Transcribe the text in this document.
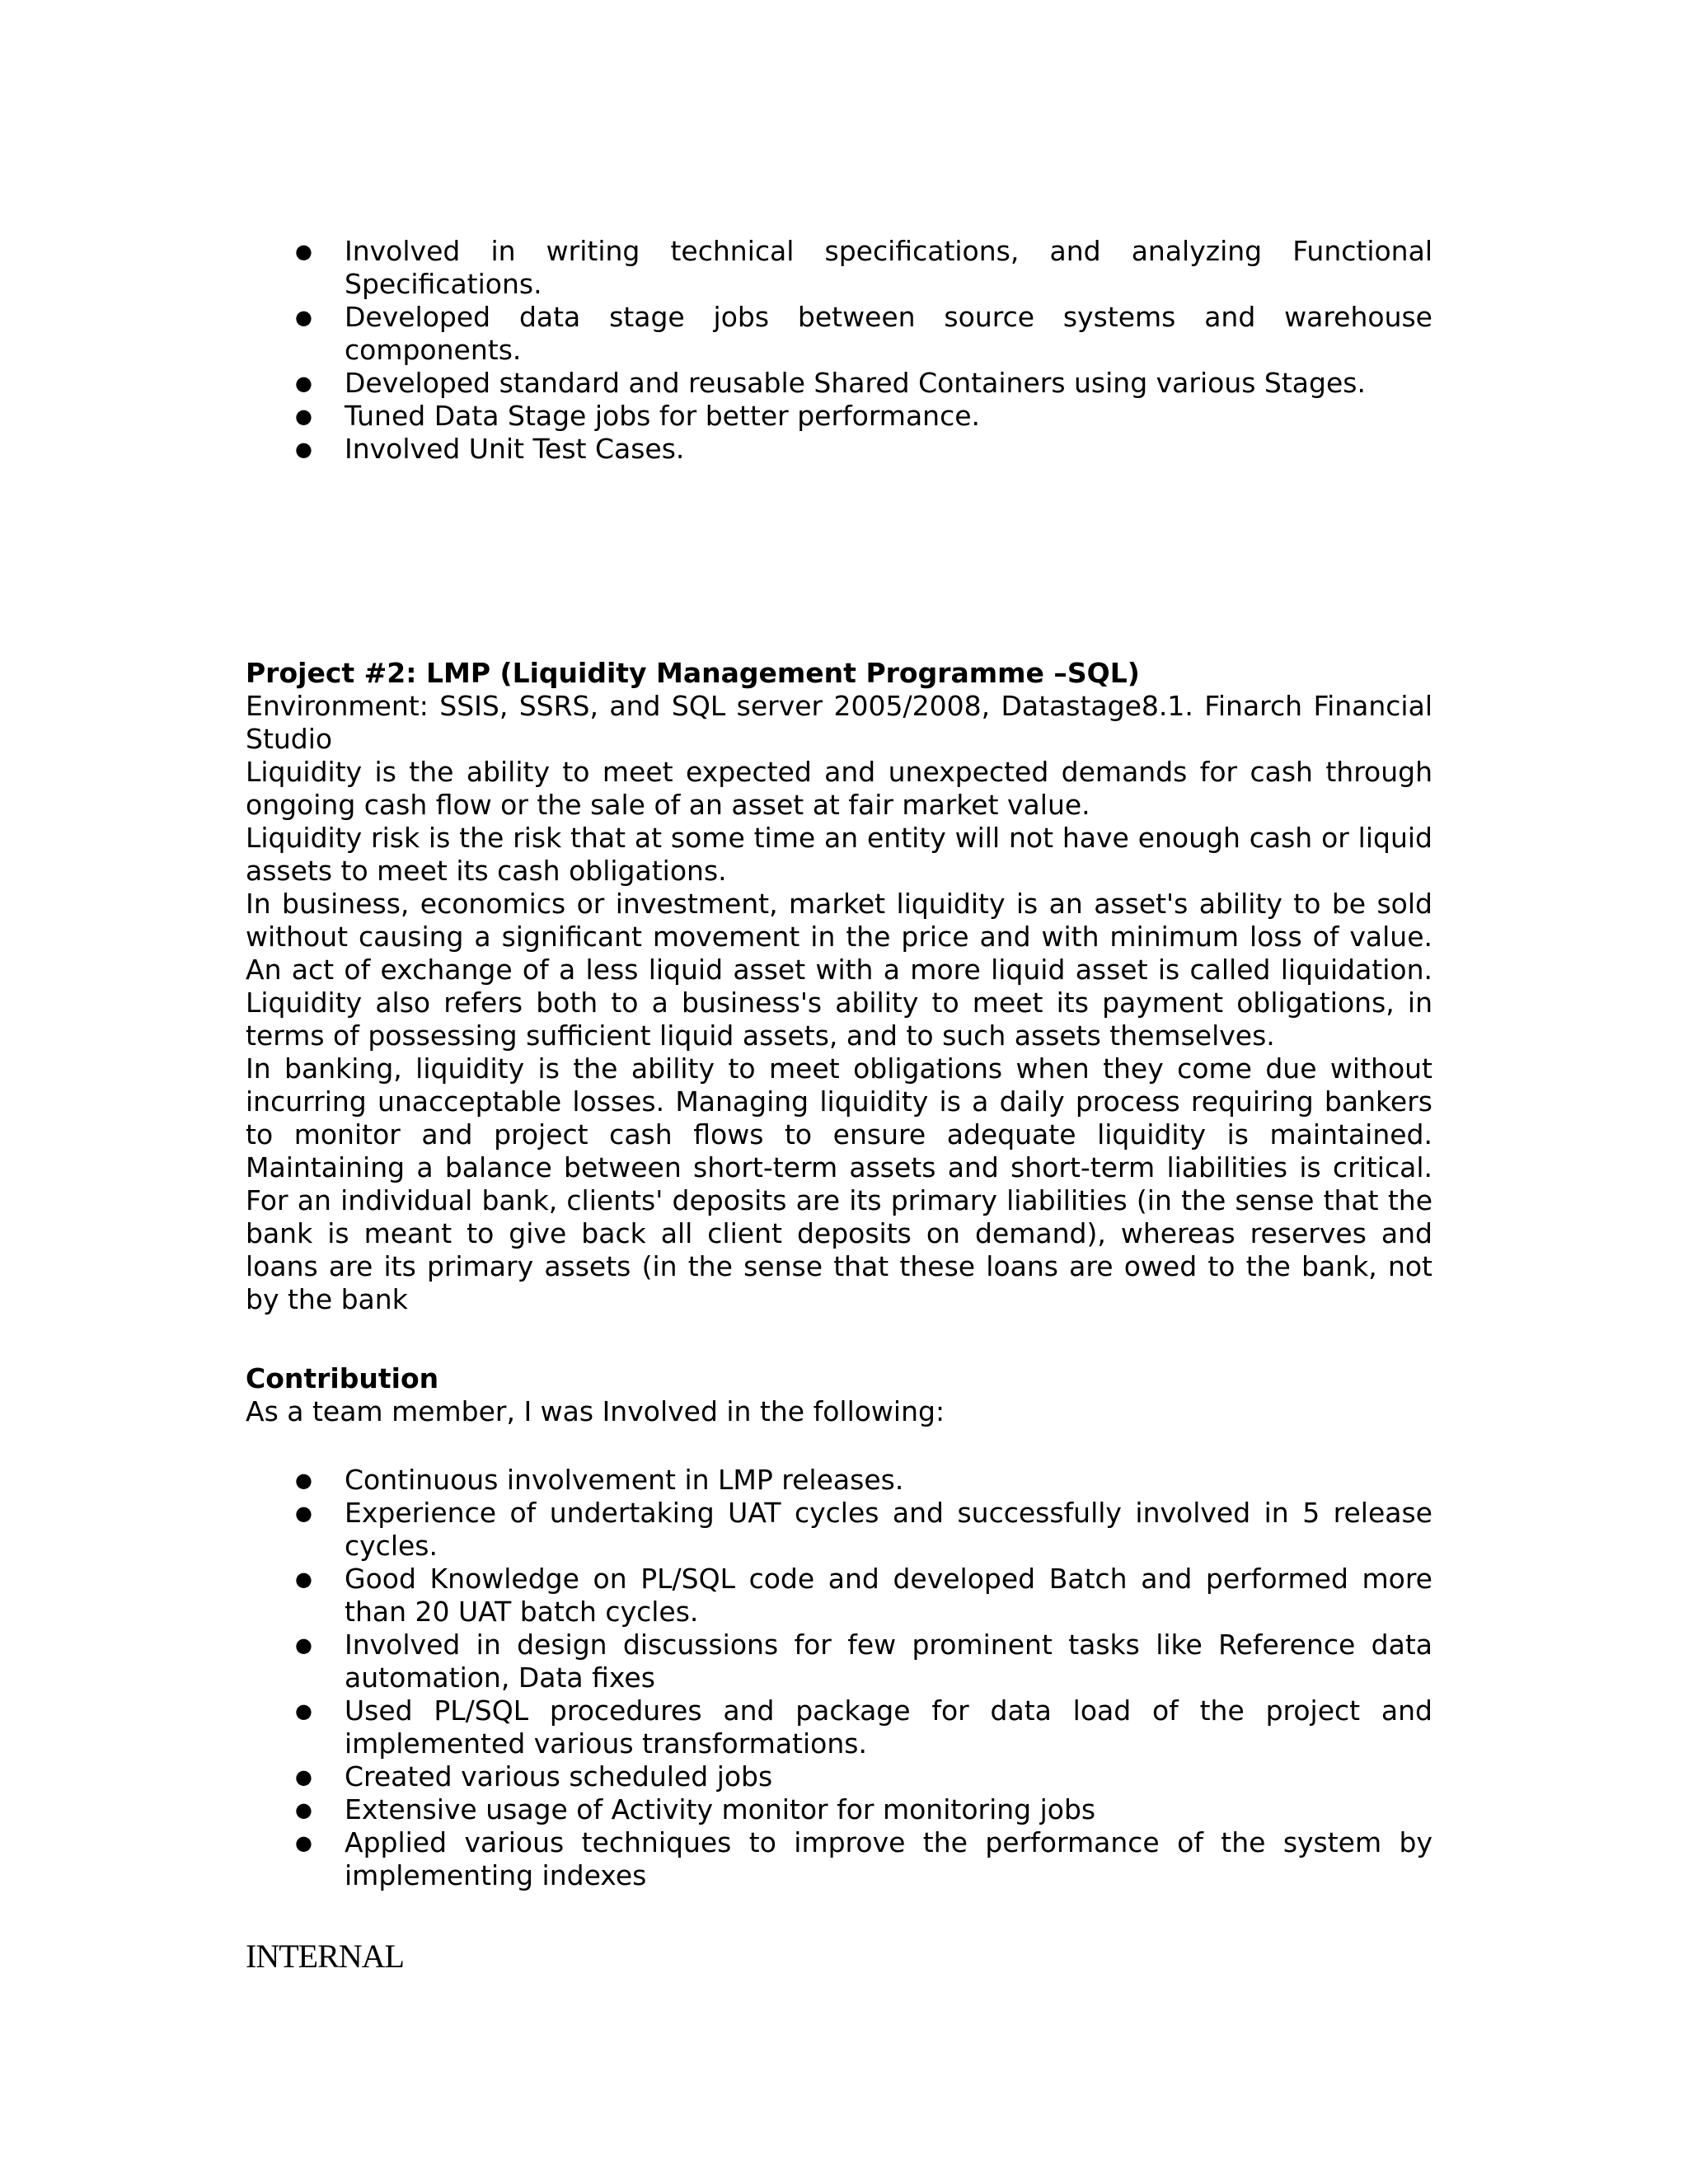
●	Involved in writing technical specifications, and analyzing Functional Specifications.
●	Developed data stage jobs between source systems and warehouse components.
●	Developed standard and reusable Shared Containers using various Stages.
●	Tuned Data Stage jobs for better performance.
●	Involved Unit Test Cases.
Project #2: LMP (Liquidity Management Programme –SQL)

Environment: SSIS, SSRS, and SQL server 2005/2008, Datastage8.1. Finarch Financial Studio

Liquidity is the ability to meet expected and unexpected demands for cash through ongoing cash flow or the sale of an asset at fair market value.

Liquidity risk is the risk that at some time an entity will not have enough cash or liquid assets to meet its cash obligations.

In business, economics or investment, market liquidity is an asset's ability to be sold without causing a significant movement in the price and with minimum loss of value. An act of exchange of a less liquid asset with a more liquid asset is called liquidation. Liquidity also refers both to a business's ability to meet its payment obligations, in terms of possessing sufficient liquid assets, and to such assets themselves.

In banking, liquidity is the ability to meet obligations when they come due without incurring unacceptable losses. Managing liquidity is a daily process requiring bankers to monitor and project cash flows to ensure adequate liquidity is maintained. Maintaining a balance between short-term assets and short-term liabilities is critical. For an individual bank, clients' deposits are its primary liabilities (in the sense that the bank is meant to give back all client deposits on demand), whereas reserves and loans are its primary assets (in the sense that these loans are owed to the bank, not by the bank

Contribution
As a team member, I was Involved in the following:
●	Continuous involvement in LMP releases.
●	Experience of undertaking UAT cycles and successfully involved in 5 release cycles.
●	Good Knowledge on PL/SQL code and developed Batch and performed more than 20 UAT batch cycles.
●	Involved in design discussions for few prominent tasks like Reference data automation, Data fixes
●	Used PL/SQL procedures and package for data load of the project and implemented various transformations.
●	Created various scheduled jobs
●	Extensive usage of Activity monitor for monitoring jobs
●	Applied various techniques to improve the performance of the system by implementing indexes
INTERNAL
